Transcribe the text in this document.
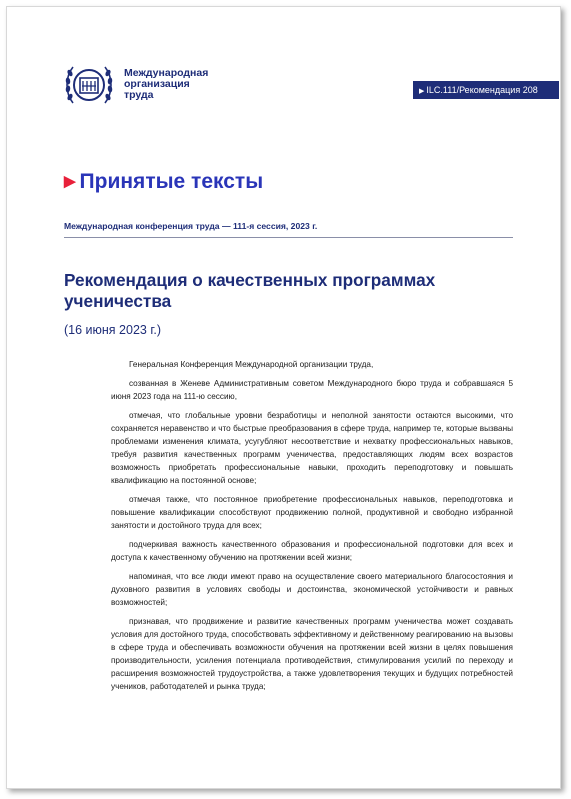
Международная
организация
труда	▶ ILC.111/Рекомендация 208
▶ Принятые тексты
Международная конференция труда — 111-я сессия, 2023 г.
Рекомендация о качественных программах ученичества
(16 июня 2023 г.)

Генеральная Конференция Международной организации труда,

созванная в Женеве Административным советом Международного бюро труда и собравшаяся 5 июня 2023 года на 111-ю сессию,

отмечая, что глобальные уровни безработицы и неполной занятости остаются высокими, что сохраняется неравенство и что быстрые преобразования в сфере труда, например те, которые вызваны проблемами изменения климата, усугубляют несоответствие и нехватку профессиональных навыков, требуя развития качественных программ ученичества, предоставляющих людям всех возрастов возможность приобретать профессиональные навыки, проходить переподготовку и повышать квалификацию на постоянной основе;

отмечая также, что постоянное приобретение профессиональных навыков, переподготовка и повышение квалификации способствуют продвижению полной, продуктивной и свободно избранной занятости и достойного труда для всех;

подчеркивая важность качественного образования и профессиональной подготовки для всех и доступа к качественному обучению на протяжении всей жизни;

напоминая, что все люди имеют право на осуществление своего материального благосостояния и духовного развития в условиях свободы и достоинства, экономической устойчивости и равных возможностей;

признавая, что продвижение и развитие качественных программ ученичества может создавать условия для достойного труда, способствовать эффективному и действенному реагированию на вызовы в сфере труда и обеспечивать возможности обучения на протяжении всей жизни в целях повышения производительности, усиления потенциала противодействия, стимулирования усилий по переходу и расширения возможностей трудоустройства, а также удовлетворения текущих и будущих потребностей учеников, работодателей и рынка труда;
